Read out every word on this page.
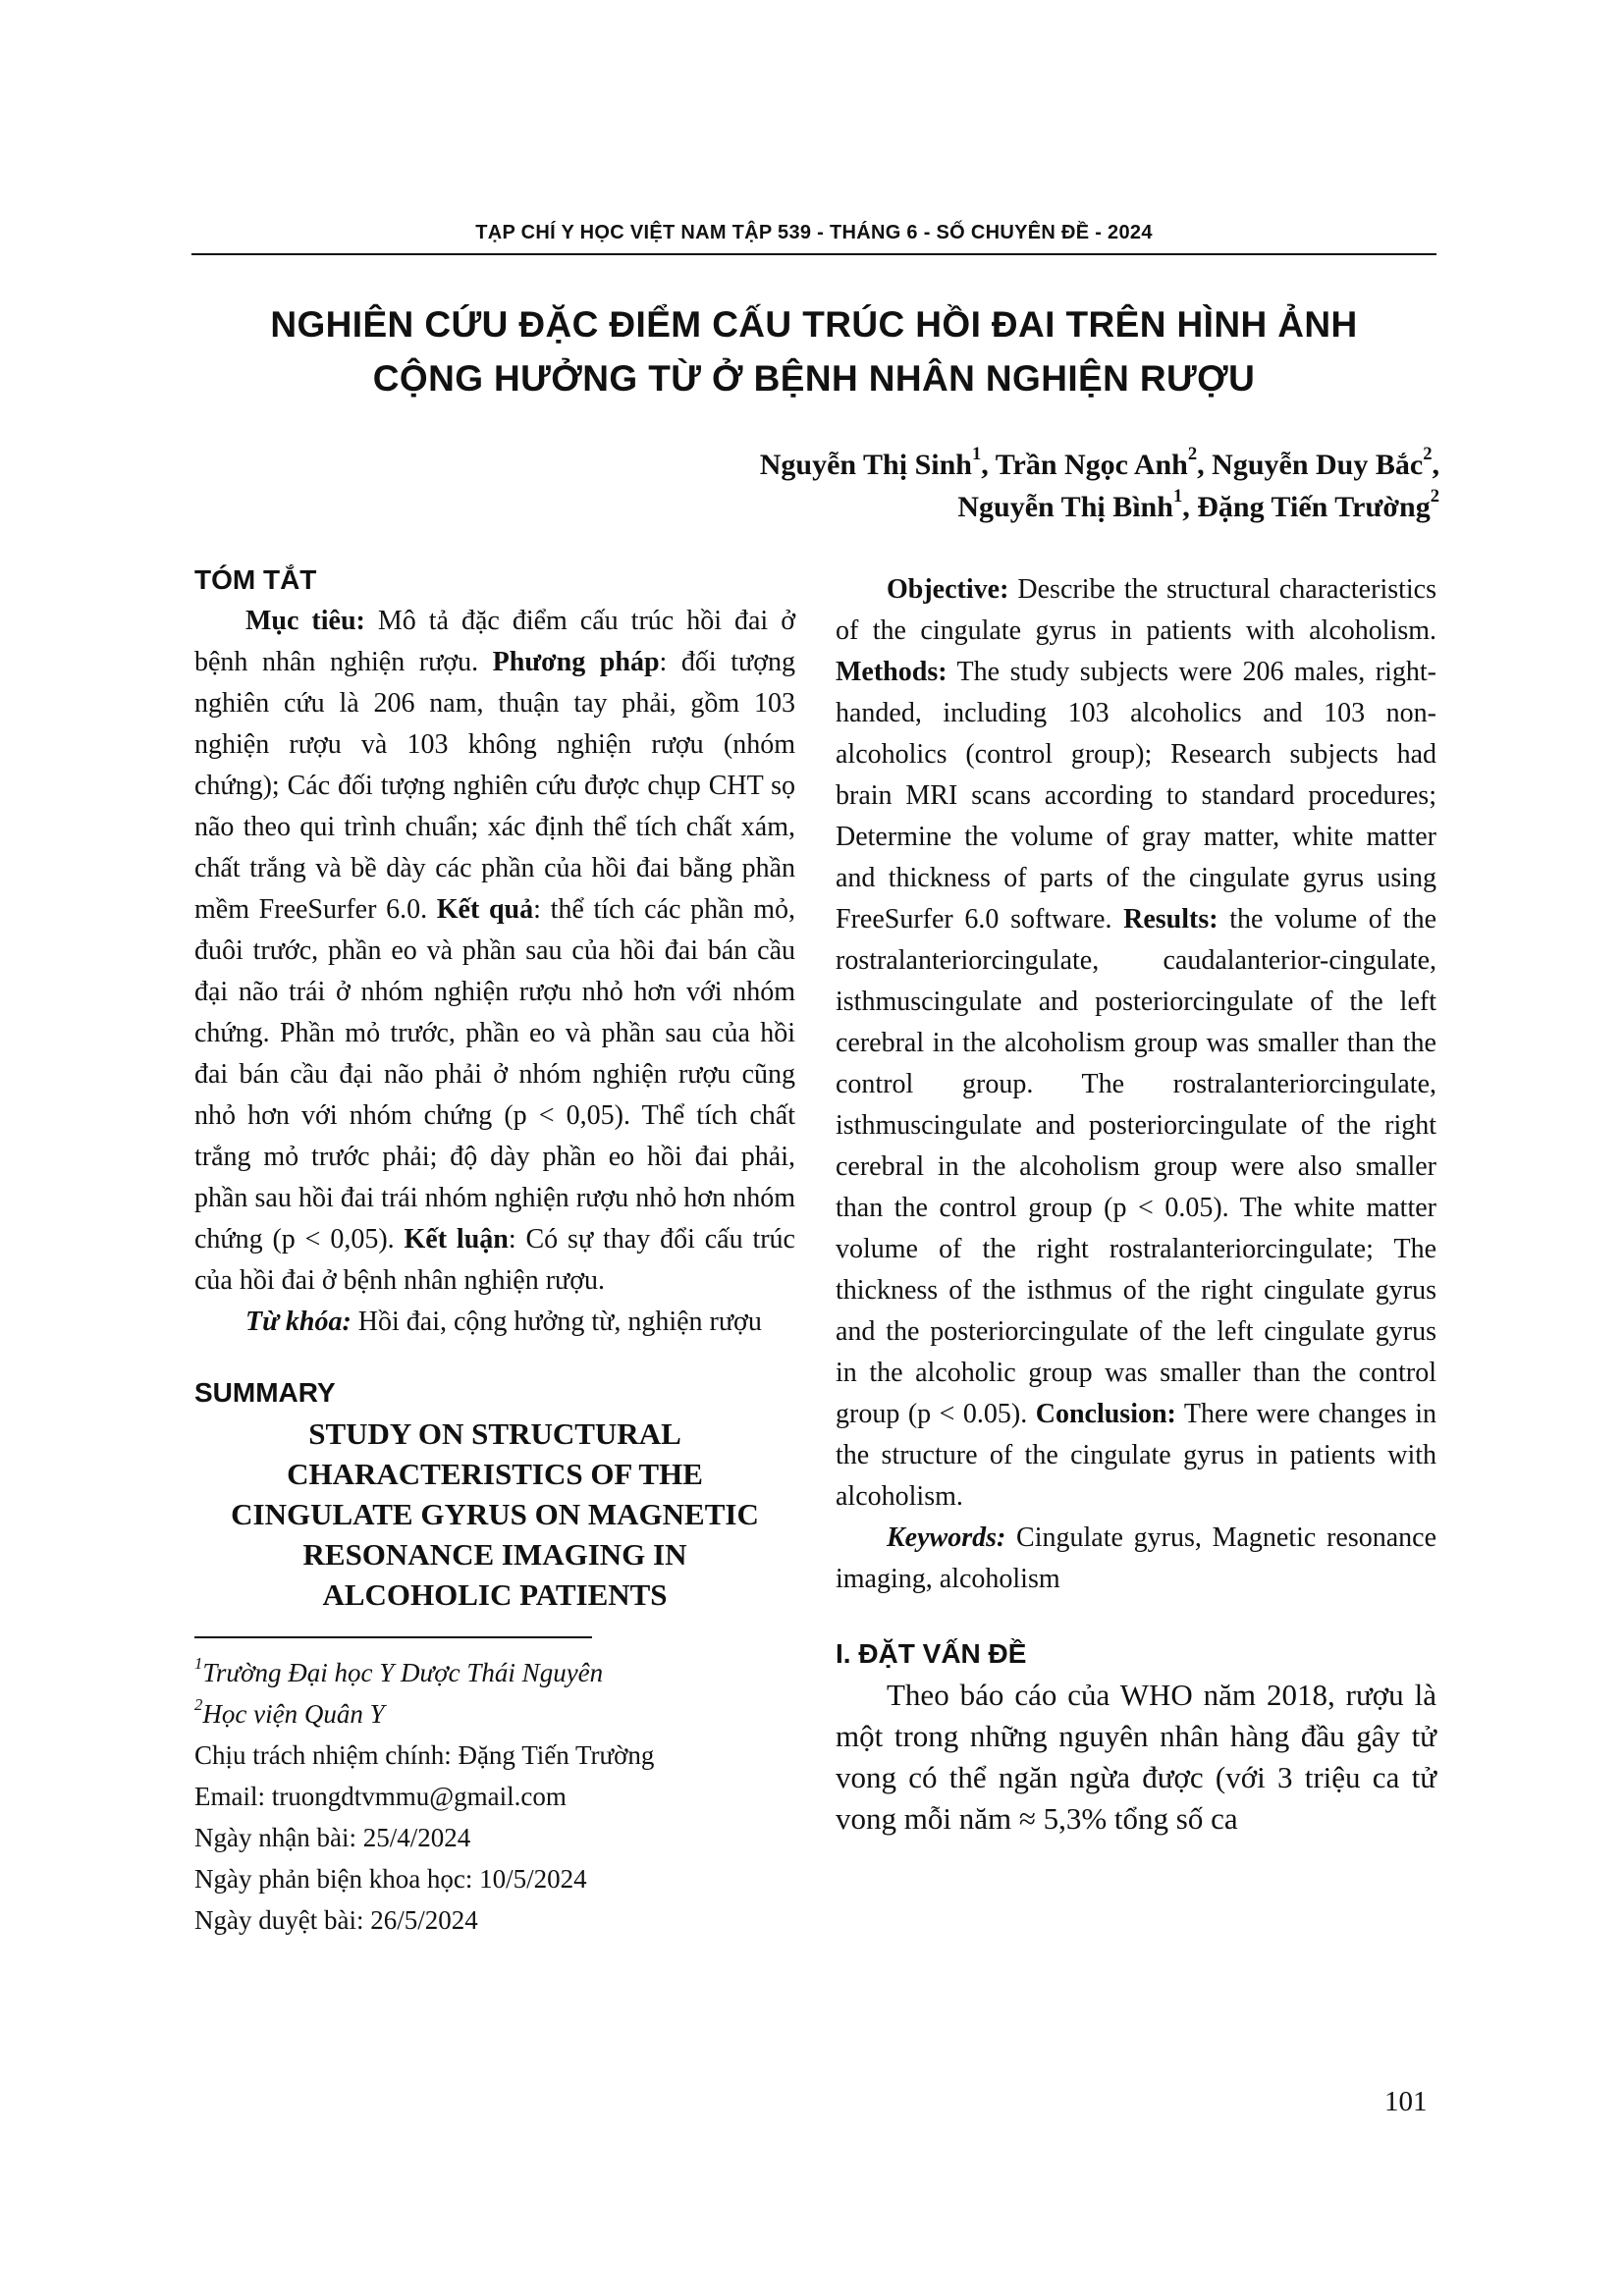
TẠP CHÍ Y HỌC VIỆT NAM TẬP 539 - THÁNG 6 - SỐ CHUYÊN ĐỀ - 2024
NGHIÊN CỨU ĐẶC ĐIỂM CẤU TRÚC HỒI ĐAI TRÊN HÌNH ẢNH
CỘNG HƯỞNG TỪ Ở BỆNH NHÂN NGHIỆN RƯỢU
Nguyễn Thị Sinh$^1$, Trần Ngọc Anh$^2$, Nguyễn Duy Bắc$^2$,
Nguyễn Thị Bình$^1$, Đặng Tiến Trường$^2$

TÓM TẮT

Mục tiêu: Mô tả đặc điểm cấu trúc hồi đai ở bệnh nhân nghiện rượu. Phương pháp: đối tượng nghiên cứu là 206 nam, thuận tay phải, gồm 103 nghiện rượu và 103 không nghiện rượu (nhóm chứng); Các đối tượng nghiên cứu được chụp CHT sọ não theo qui trình chuẩn; xác định thể tích chất xám, chất trắng và bề dày các phần của hồi đai bằng phần mềm FreeSurfer 6.0. Kết quả: thể tích các phần mỏ, đuôi trước, phần eo và phần sau của hồi đai bán cầu đại não trái ở nhóm nghiện rượu nhỏ hơn với nhóm chứng. Phần mỏ trước, phần eo và phần sau của hồi đai bán cầu đại não phải ở nhóm nghiện rượu cũng nhỏ hơn với nhóm chứng (p < 0,05). Thể tích chất trắng mỏ trước phải; độ dày phần eo hồi đai phải, phần sau hồi đai trái nhóm nghiện rượu nhỏ hơn nhóm chứng (p < 0,05). Kết luận: Có sự thay đổi cấu trúc của hồi đai ở bệnh nhân nghiện rượu.

Từ khóa: Hồi đai, cộng hưởng từ, nghiện rượu

SUMMARY

STUDY ON STRUCTURAL
CHARACTERISTICS OF THE
CINGULATE GYRUS ON MAGNETIC
RESONANCE IMAGING IN
ALCOHOLIC PATIENTS

$^1$Trường Đại học Y Dược Thái Nguyên

$^2$Học viện Quân Y

Chịu trách nhiệm chính: Đặng Tiến Trường

Email: truongdtvmmu@gmail.com

Ngày nhận bài: 25/4/2024

Ngày phản biện khoa học: 10/5/2024

Ngày duyệt bài: 26/5/2024

Objective: Describe the structural characteristics of the cingulate gyrus in patients with alcoholism. Methods: The study subjects were 206 males, right-handed, including 103 alcoholics and 103 non-alcoholics (control group); Research subjects had brain MRI scans according to standard procedures; Determine the volume of gray matter, white matter and thickness of parts of the cingulate gyrus using FreeSurfer 6.0 software. Results: the volume of the rostralanteriorcingulate, caudalanterior-cingulate, isthmuscingulate and posteriorcingulate of the left cerebral in the alcoholism group was smaller than the control group. The rostralanteriorcingulate, isthmuscingulate and posteriorcingulate of the right cerebral in the alcoholism group were also smaller than the control group (p < 0.05). The white matter volume of the right rostralanteriorcingulate; The thickness of the isthmus of the right cingulate gyrus and the posteriorcingulate of the left cingulate gyrus in the alcoholic group was smaller than the control group (p < 0.05). Conclusion: There were changes in the structure of the cingulate gyrus in patients with alcoholism.

Keywords: Cingulate gyrus, Magnetic resonance imaging, alcoholism

I. ĐẶT VẤN ĐỀ

Theo báo cáo của WHO năm 2018, rượu là một trong những nguyên nhân hàng đầu gây tử vong có thể ngăn ngừa được (với 3 triệu ca tử vong mỗi năm ≈ 5,3% tổng số ca

101
